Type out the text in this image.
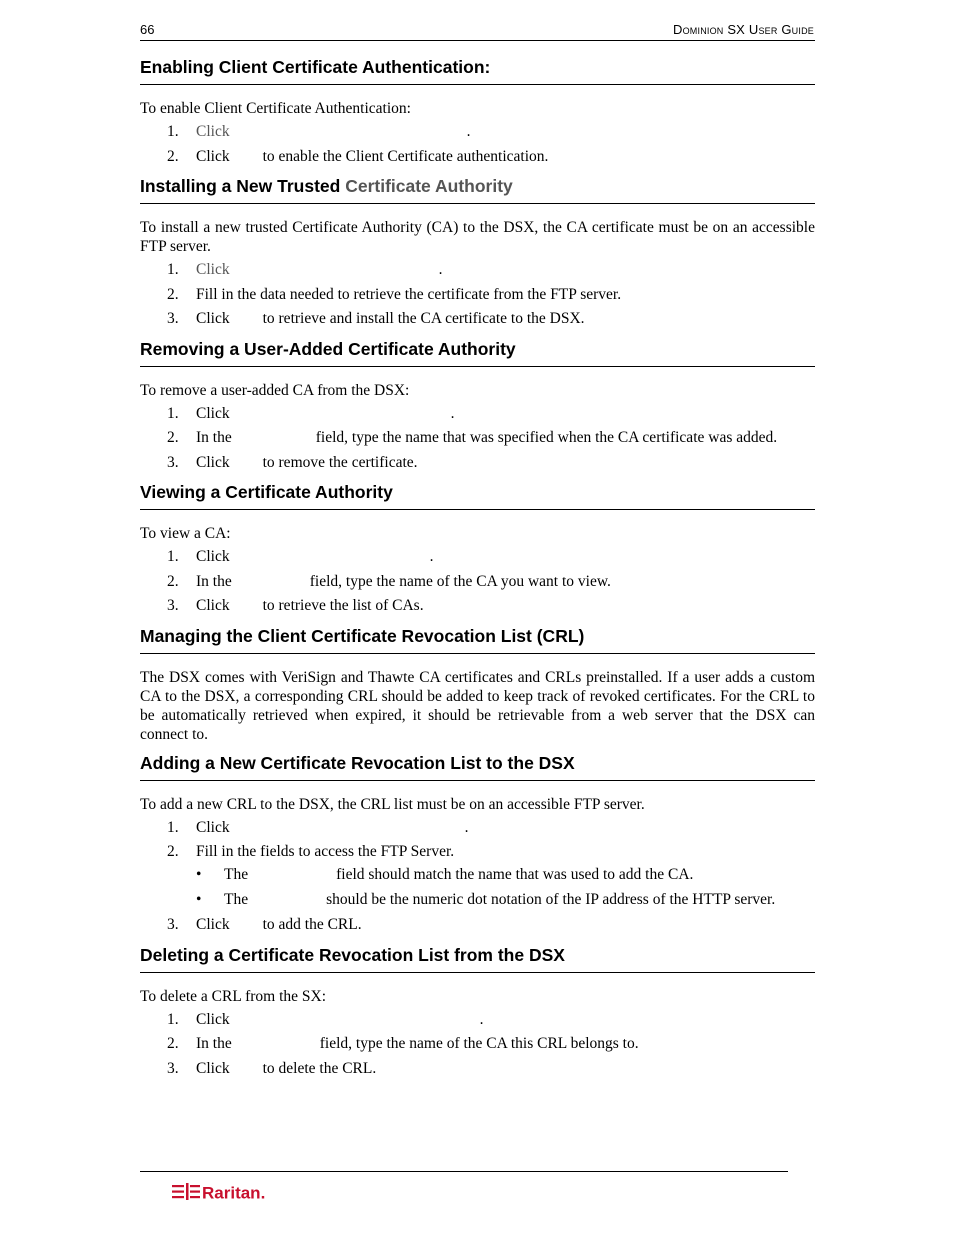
66	Dominion SX User Guide
Enabling Client Certificate Authentication:

To enable Client Certificate Authentication:

1. Click	.
2. Click to enable the Client Certificate authentication.
Installing a New Trusted Certificate Authority

To install a new trusted Certificate Authority (CA) to the DSX, the CA certificate must be on an accessible FTP server.

1. Click	.
2. Fill in the data needed to retrieve the certificate from the FTP server.
3. Click to retrieve and install the CA certificate to the DSX.
Removing a User-Added Certificate Authority

To remove a user-added CA from the DSX:

1. Click	.
2. In the	field, type the name that was specified when the CA certificate was added.
3. Click to remove the certificate.
Viewing a Certificate Authority

To view a CA:

1. Click	.
2. In the	field, type the name of the CA you want to view.
3. Click to retrieve the list of CAs.
Managing the Client Certificate Revocation List (CRL)

The DSX comes with VeriSign and Thawte CA certificates and CRLs preinstalled. If a user adds a custom CA to the DSX, a corresponding CRL should be added to keep track of revoked certificates. For the CRL to be automatically retrieved when expired, it should be retrievable from a web server that the DSX can connect to.

Adding a New Certificate Revocation List to the DSX

To add a new CRL to the DSX, the CRL list must be on an accessible FTP server.

1. Click	.
2. Fill in the fields to access the FTP Server.
• The	field should match the name that was used to add the CA.
• The	should be the numeric dot notation of the IP address of the HTTP server.
3. Click to add the CRL.
Deleting a Certificate Revocation List from the DSX

To delete a CRL from the SX:

1. Click	.
2. In the	field, type the name of the CA this CRL belongs to.
3. Click to delete the CRL.
Raritan.
